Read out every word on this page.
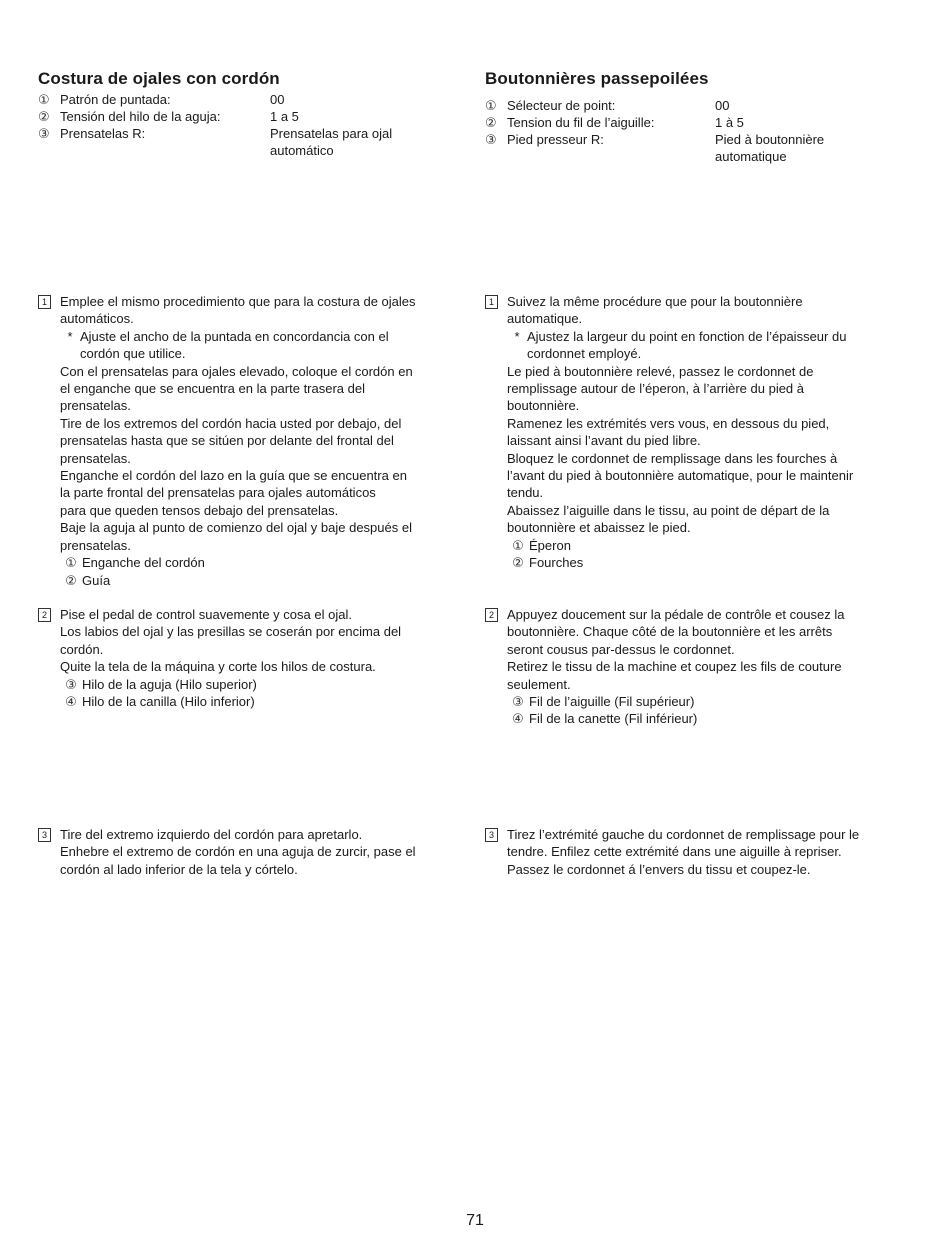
Costura de ojales con cordón
① Patrón de puntada:	00
② Tensión del hilo de la aguja:	1 a 5
③ Prensatelas R:	Prensatelas para ojal
automático
1	Emplee el mismo procedimiento que para la costura de ojales
automáticos.
* Ajuste el ancho de la puntada en concordancia con el
cordón que utilice.
Con el prensatelas para ojales elevado, coloque el cordón en
el enganche que se encuentra en la parte trasera del
prensatelas.
Tire de los extremos del cordón hacia usted por debajo, del
prensatelas hasta que se sitúen por delante del frontal del
prensatelas.
Enganche el cordón del lazo en la guía que se encuentra en
la parte frontal del prensatelas para ojales automáticos
para que queden tensos debajo del prensatelas.
Baje la aguja al punto de comienzo del ojal y baje después el
prensatelas.
① Enganche del cordón
② Guía
2	Pise el pedal de control suavemente y cosa el ojal.
Los labios del ojal y las presillas se coserán por encima del
cordón.
Quite la tela de la máquina y corte los hilos de costura.
③ Hilo de la aguja (Hilo superior)
④ Hilo de la canilla (Hilo inferior)
3	Tire del extremo izquierdo del cordón para apretarlo.
Enhebre el extremo de cordón en una aguja de zurcir, pase el
cordón al lado inferior de la tela y córtelo.
Boutonnières passepoilées
① Sélecteur de point:	00
② Tension du fil de l’aiguille:	1 à 5
③ Pied presseur R:	Pied à boutonnière
automatique
1	Suivez la même procédure que pour la boutonnière
automatique.
* Ajustez la largeur du point en fonction de l’épaisseur du
cordonnet employé.
Le pied à boutonnière relevé, passez le cordonnet de
remplissage autour de l’éperon, à l’arrière du pied à
boutonnière.
Ramenez les extrémités vers vous, en dessous du pied,
laissant ainsi l’avant du pied libre.
Bloquez le cordonnet de remplissage dans les fourches à
l’avant du pied à boutonnière automatique, pour le maintenir
tendu.
Abaissez l’aiguille dans le tissu, au point de départ de la
boutonnière et abaissez le pied.
① Éperon
② Fourches
2	Appuyez doucement sur la pédale de contrôle et cousez la
boutonnière. Chaque côté de la boutonnière et les arrêts
seront cousus par-dessus le cordonnet.
Retirez le tissu de la machine et coupez les fils de couture
seulement.
③ Fil de l’aiguille (Fil supérieur)
④ Fil de la canette (Fil inférieur)
3	Tirez l’extrémité gauche du cordonnet de remplissage pour le
tendre. Enfilez cette extrémité dans une aiguille à repriser.
Passez le cordonnet á l’envers du tissu et coupez-le.
71
